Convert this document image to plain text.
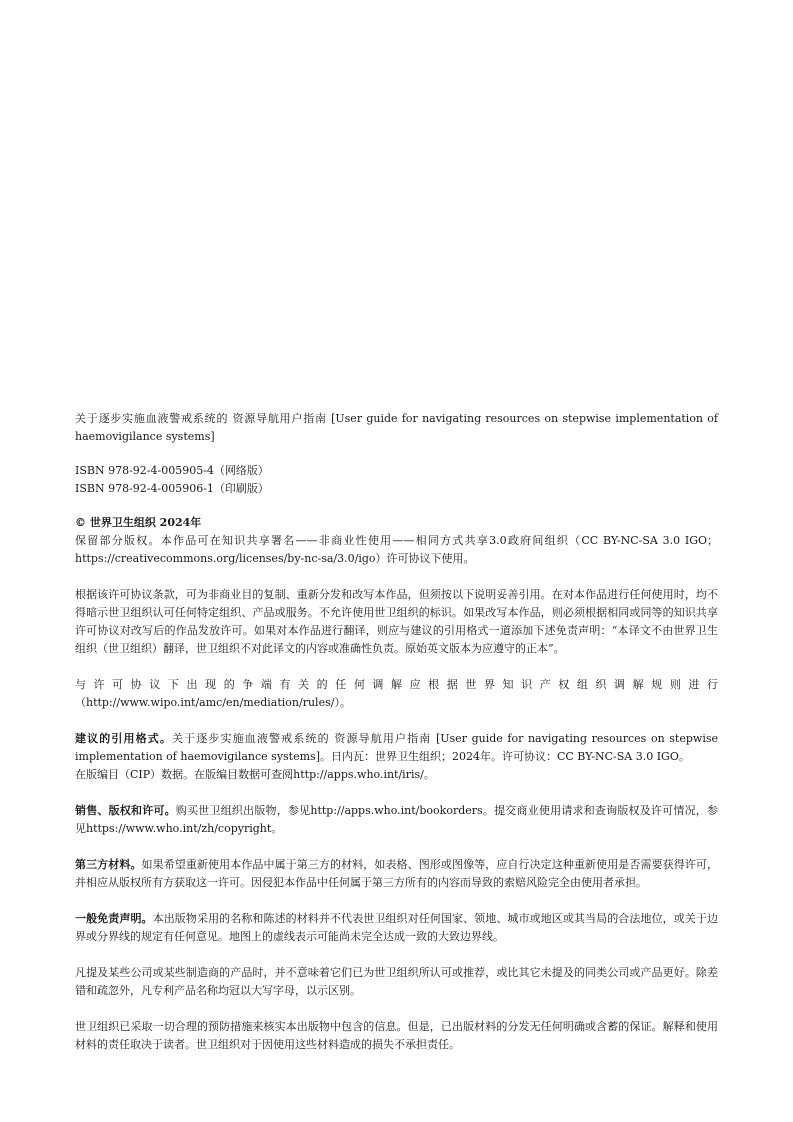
关于逐步实施血液警戒系统的 资源导航用户指南 [User guide for navigating resources on stepwise implementation of haemovigilance systems]

ISBN 978-92-4-005905-4（网络版）

ISBN 978-92-4-005906-1（印刷版）

© 世界卫生组织 2024年

保留部分版权。本作品可在知识共享署名——非商业性使用——相同方式共享3.0政府间组织（CC BY-NC-SA 3.0 IGO；https://creativecommons.org/licenses/by-nc-sa/3.0/igo）许可协议下使用。

根据该许可协议条款，可为非商业目的复制、重新分发和改写本作品，但须按以下说明妥善引用。在对本作品进行任何使用时，均不得暗示世卫组织认可任何特定组织、产品或服务。不允许使用世卫组织的标识。如果改写本作品，则必须根据相同或同等的知识共享许可协议对改写后的作品发放许可。如果对本作品进行翻译，则应与建议的引用格式一道添加下述免责声明：“本译文不由世界卫生组织（世卫组织）翻译，世卫组织不对此译文的内容或准确性负责。原始英文版本为应遵守的正本”。

与许可协议下出现的争端有关的任何调解应根据世界知识产权组织调解规则进行 （http://www.wipo.int/amc/en/mediation/rules/）。

建议的引用格式。关于逐步实施血液警戒系统的 资源导航用户指南 [User guide for navigating resources on stepwise implementation of haemovigilance systems]。日内瓦：世界卫生组织；2024年。许可协议：CC BY-NC-SA 3.0 IGO。

在版编目（CIP）数据。在版编目数据可查阅http://apps.who.int/iris/。

销售、版权和许可。购买世卫组织出版物，参见http://apps.who.int/bookorders。提交商业使用请求和查询版权及许可情况，参见https://www.who.int/zh/copyright。

第三方材料。如果希望重新使用本作品中属于第三方的材料，如表格、图形或图像等，应自行决定这种重新使用是否需要获得许可，并相应从版权所有方获取这一许可。因侵犯本作品中任何属于第三方所有的内容而导致的索赔风险完全由使用者承担。

一般免责声明。本出版物采用的名称和陈述的材料并不代表世卫组织对任何国家、领地、城市或地区或其当局的合法地位，或关于边界或分界线的规定有任何意见。地图上的虚线表示可能尚未完全达成一致的大致边界线。

凡提及某些公司或某些制造商的产品时，并不意味着它们已为世卫组织所认可或推荐，或比其它未提及的同类公司或产品更好。除差错和疏忽外，凡专利产品名称均冠以大写字母，以示区别。

世卫组织已采取一切合理的预防措施来核实本出版物中包含的信息。但是，已出版材料的分发无任何明确或含蓄的保证。解释和使用材料的责任取决于读者。世卫组织对于因使用这些材料造成的损失不承担责任。
